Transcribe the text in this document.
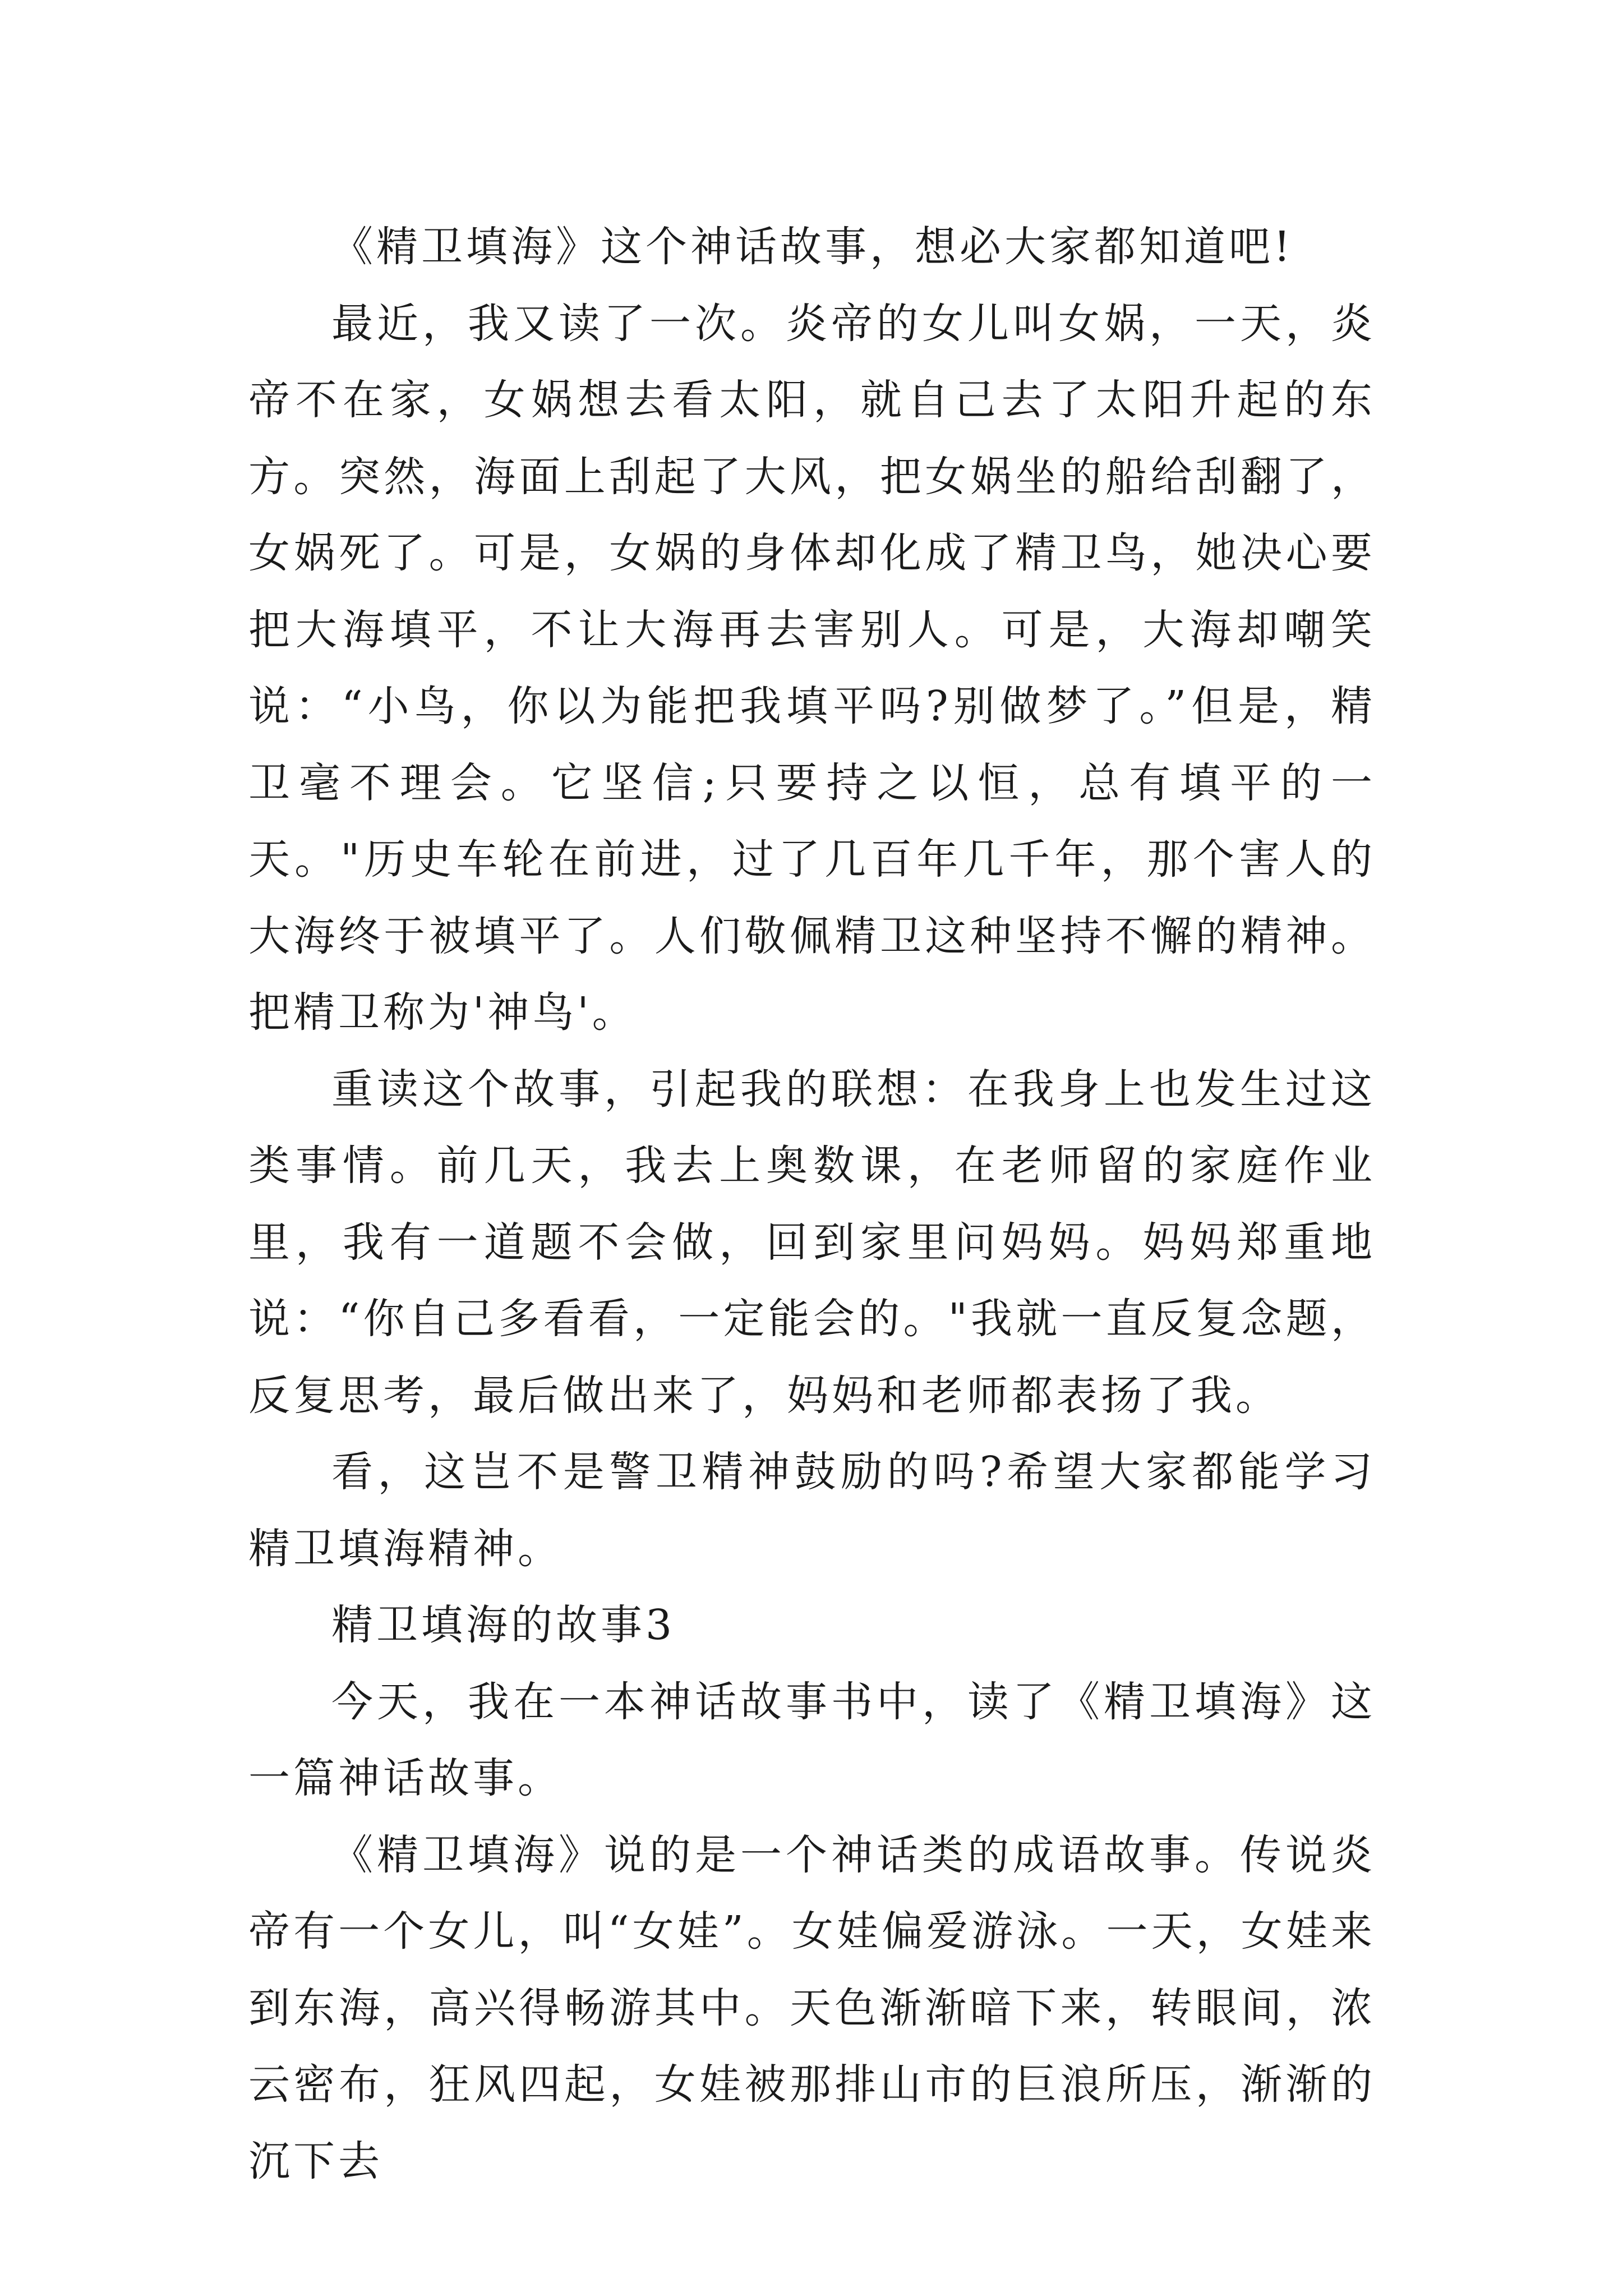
《精卫填海》这个神话故事，想必大家都知道吧!

最近，我又读了一次。炎帝的女儿叫女娲，一天，炎帝不在家，女娲想去看太阳，就自己去了太阳升起的东方。突然，海面上刮起了大风，把女娲坐的船给刮翻了，女娲死了。可是，女娲的身体却化成了精卫鸟，她决心要把大海填平，不让大海再去害别人。可是，大海却嘲笑说：“小鸟，你以为能把我填平吗?别做梦了。”但是，精卫毫不理会。它坚信;只要持之以恒，总有填平的一天。"历史车轮在前进，过了几百年几千年，那个害人的大海终于被填平了。人们敬佩精卫这种坚持不懈的精神。把精卫称为'神鸟'。

重读这个故事，引起我的联想：在我身上也发生过这类事情。前几天，我去上奥数课，在老师留的家庭作业里，我有一道题不会做，回到家里问妈妈。妈妈郑重地说：“你自己多看看，一定能会的。"我就一直反复念题，反复思考，最后做出来了，妈妈和老师都表扬了我。

看，这岂不是警卫精神鼓励的吗?希望大家都能学习精卫填海精神。

精卫填海的故事3

今天，我在一本神话故事书中，读了《精卫填海》这一篇神话故事。

《精卫填海》说的是一个神话类的成语故事。传说炎帝有一个女儿，叫“女娃”。女娃偏爱游泳。一天，女娃来到东海，高兴得畅游其中。天色渐渐暗下来，转眼间，浓云密布，狂风四起，女娃被那排山市的巨浪所压，渐渐的沉下去
